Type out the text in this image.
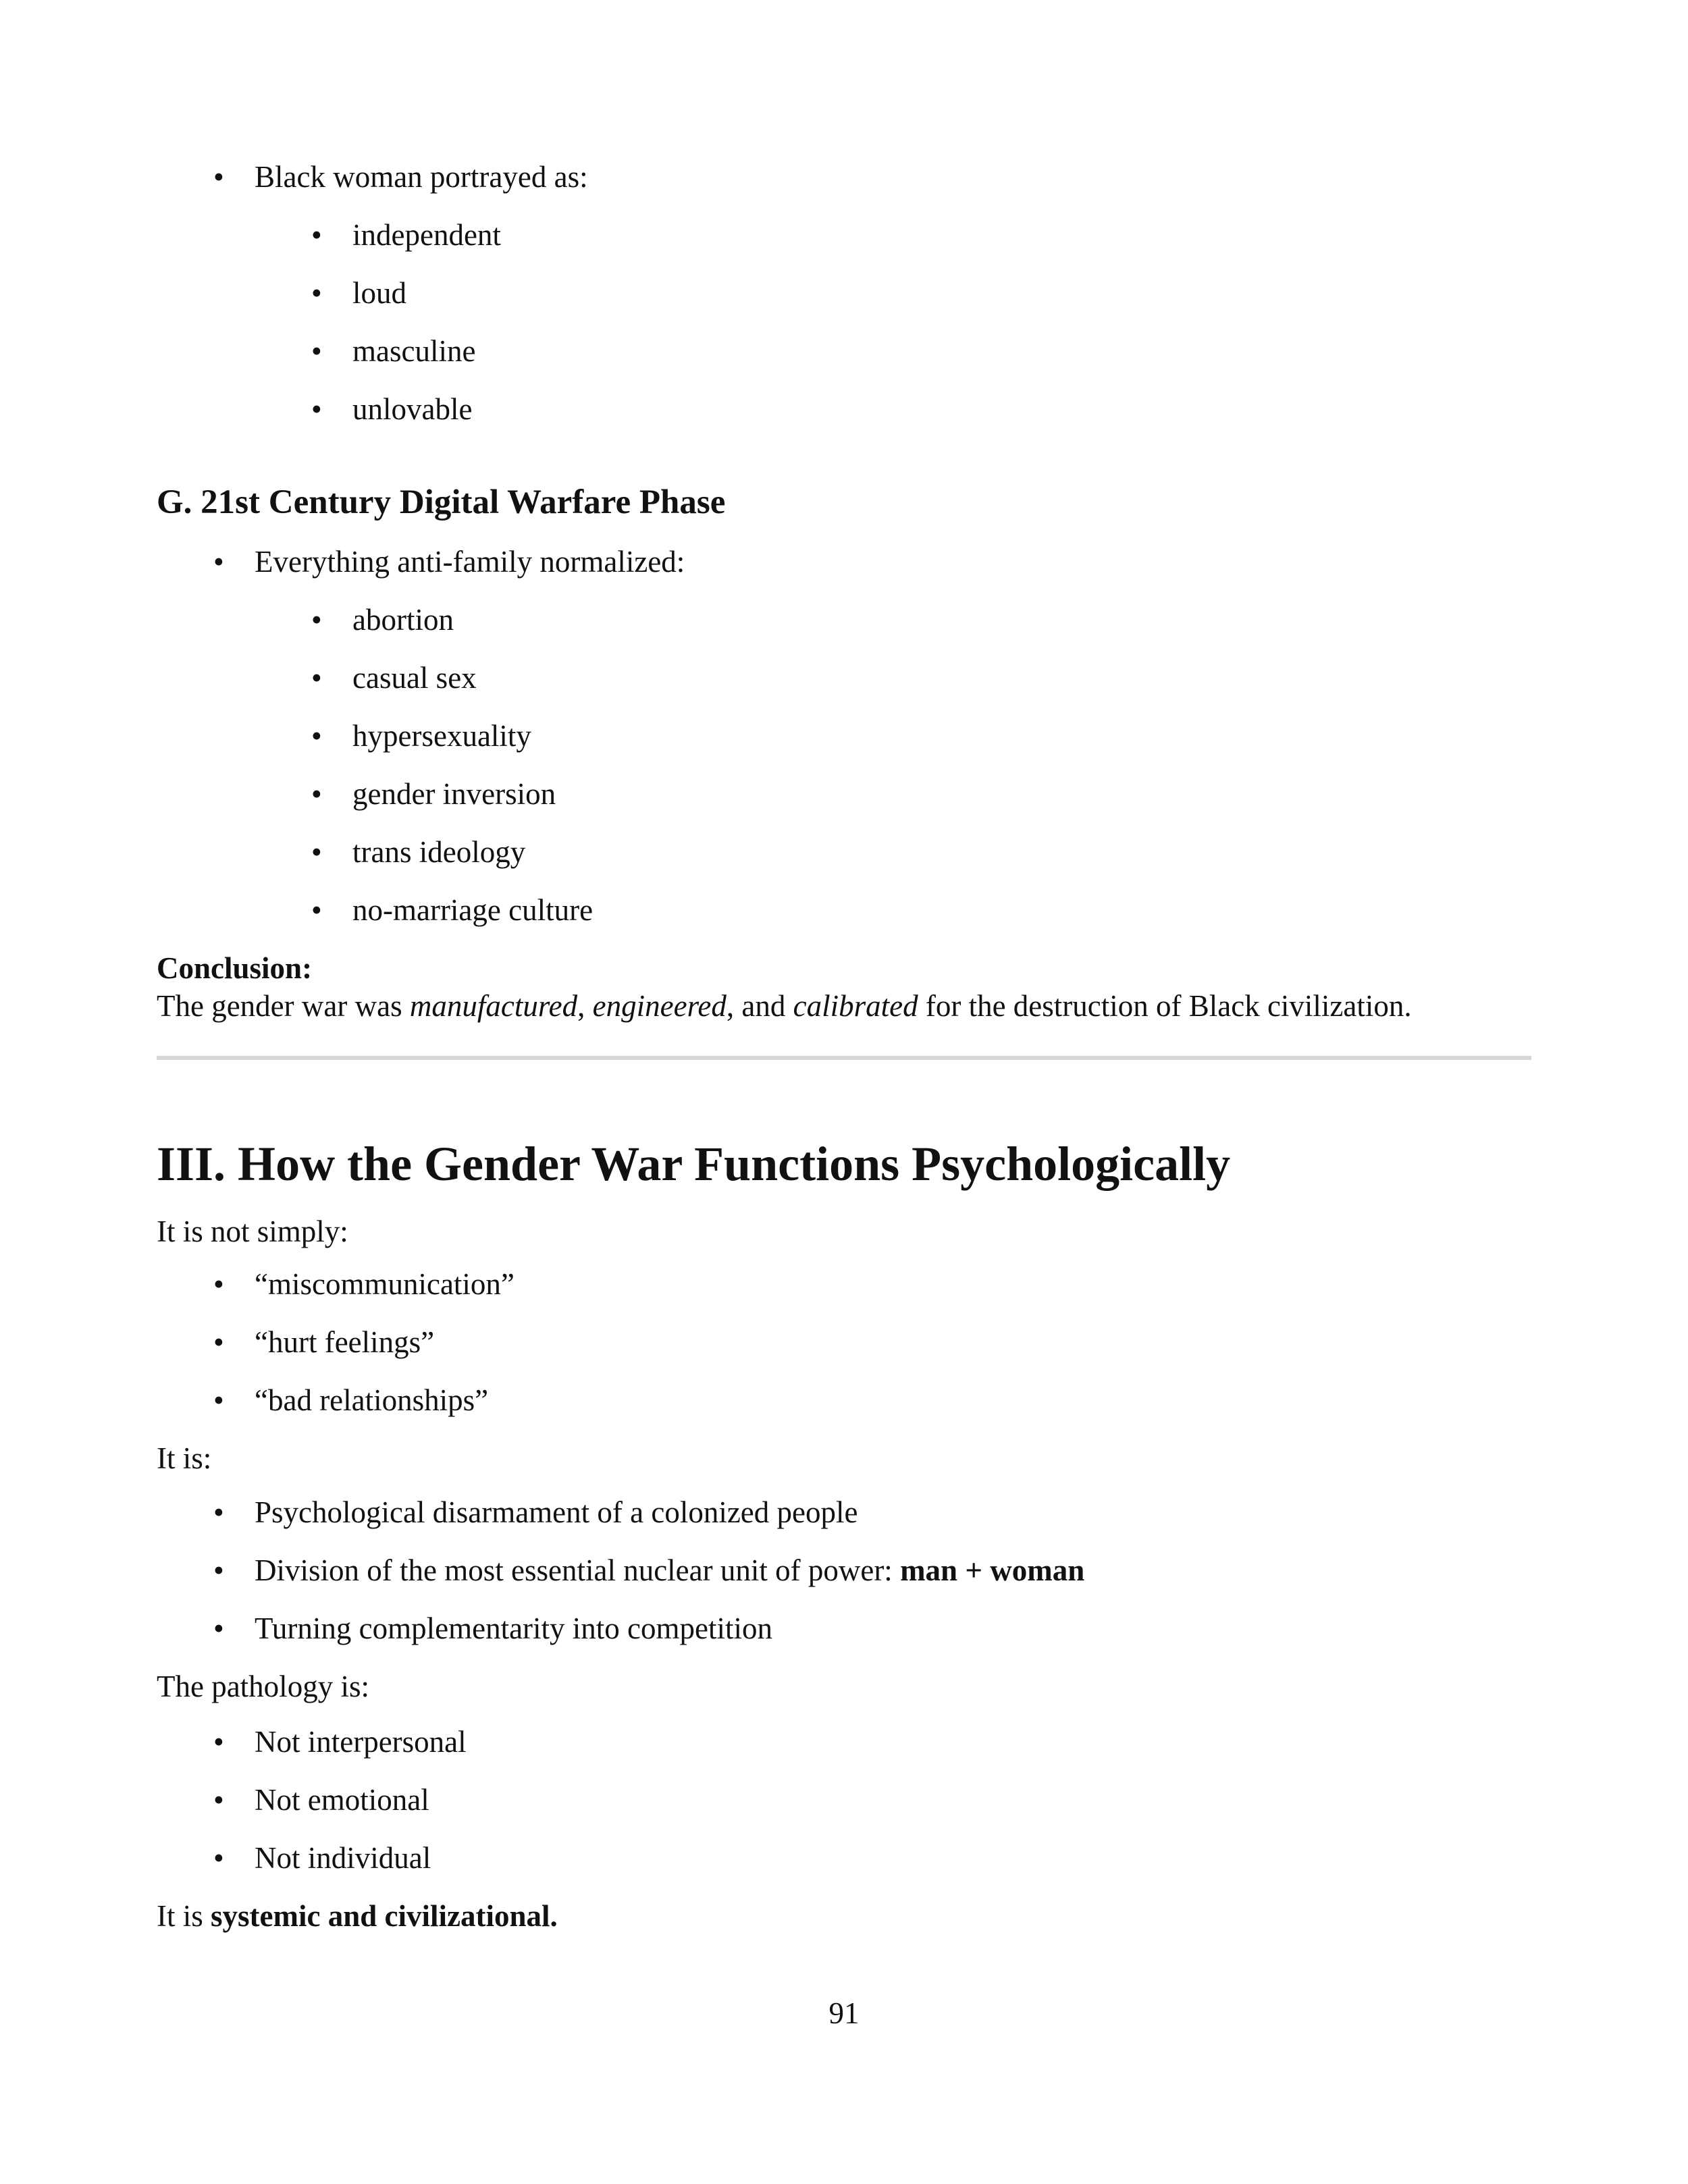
• Black woman portrayed as:
• independent
• loud
• masculine
• unlovable
G. 21st Century Digital Warfare Phase
• Everything anti-family normalized:
• abortion
• casual sex
• hypersexuality
• gender inversion
• trans ideology
• no-marriage culture
Conclusion:
The gender war was manufactured, engineered, and calibrated for the destruction of Black civilization.
III. How the Gender War Functions Psychologically
It is not simply:
• “miscommunication”
• “hurt feelings”
• “bad relationships”
It is:
• Psychological disarmament of a colonized people
• Division of the most essential nuclear unit of power: man + woman
• Turning complementarity into competition
The pathology is:
• Not interpersonal
• Not emotional
• Not individual
It is systemic and civilizational.
91
